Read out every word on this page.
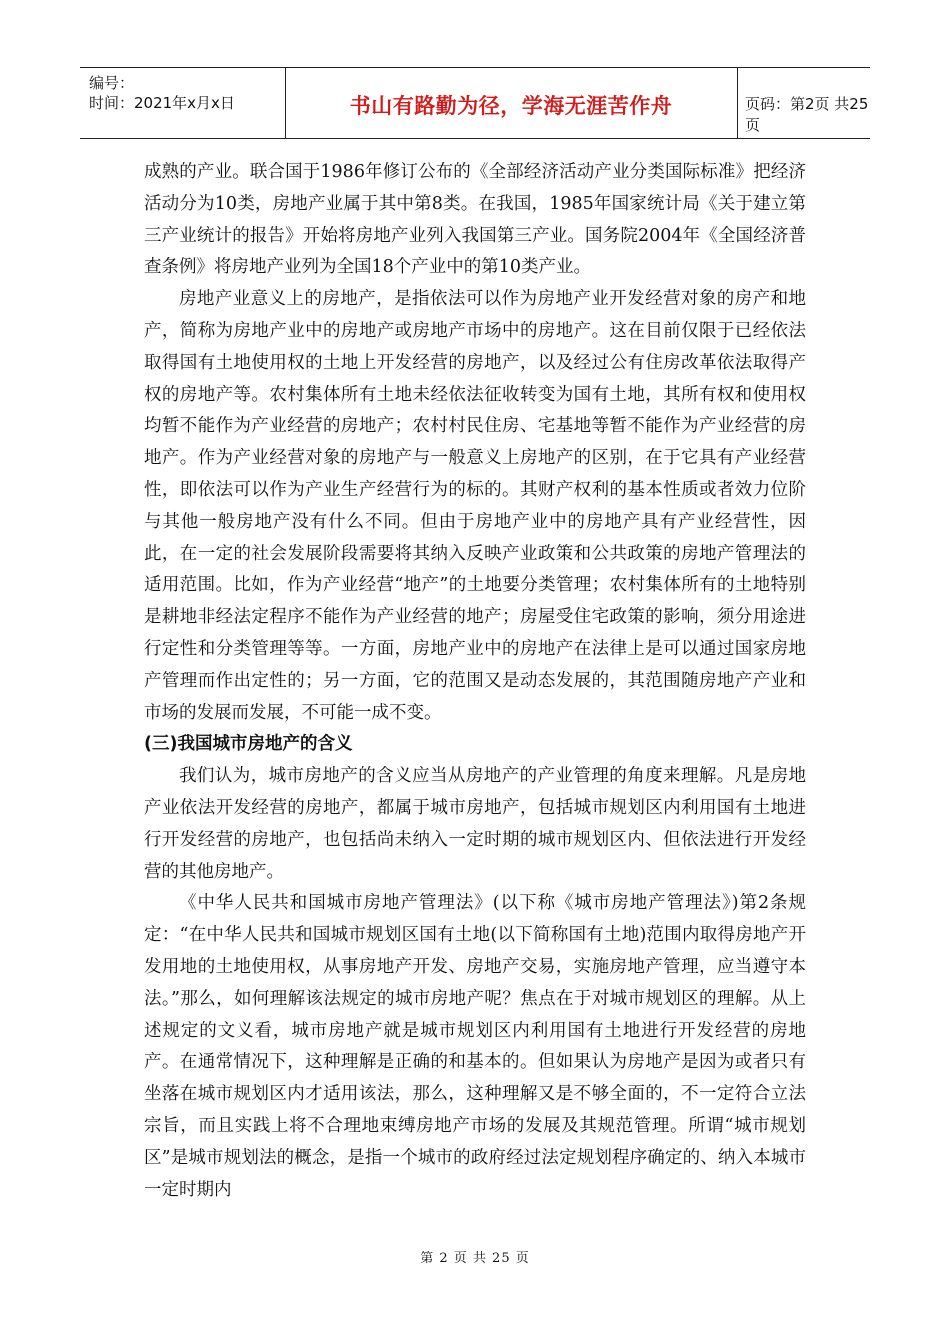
编号：
时间：2021年x月x日	书山有路勤为径，学海无涯苦作舟	页码：第2页 共25页

成熟的产业。联合国于1986年修订公布的《全部经济活动产业分类国际标准》把经济活动分为10类，房地产业属于其中第8类。在我国，1985年国家统计局《关于建立第三产业统计的报告》开始将房地产业列入我国第三产业。国务院2004年《全国经济普查条例》将房地产业列为全国18个产业中的第10类产业。

房地产业意义上的房地产，是指依法可以作为房地产业开发经营对象的房产和地产，简称为房地产业中的房地产或房地产市场中的房地产。这在目前仅限于已经依法取得国有土地使用权的土地上开发经营的房地产，以及经过公有住房改革依法取得产权的房地产等。农村集体所有土地未经依法征收转变为国有土地，其所有权和使用权均暂不能作为产业经营的房地产；农村村民住房、宅基地等暂不能作为产业经营的房地产。作为产业经营对象的房地产与一般意义上房地产的区别，在于它具有产业经营性，即依法可以作为产业生产经营行为的标的。其财产权利的基本性质或者效力位阶与其他一般房地产没有什么不同。但由于房地产业中的房地产具有产业经营性，因此，在一定的社会发展阶段需要将其纳入反映产业政策和公共政策的房地产管理法的适用范围。比如，作为产业经营“地产”的土地要分类管理；农村集体所有的土地特别是耕地非经法定程序不能作为产业经营的地产；房屋受住宅政策的影响，须分用途进行定性和分类管理等等。一方面，房地产业中的房地产在法律上是可以通过国家房地产管理而作出定性的；另一方面，它的范围又是动态发展的，其范围随房地产产业和市场的发展而发展，不可能一成不变。

(三)我国城市房地产的含义

我们认为，城市房地产的含义应当从房地产的产业管理的角度来理解。凡是房地产业依法开发经营的房地产，都属于城市房地产，包括城市规划区内利用国有土地进行开发经营的房地产，也包括尚未纳入一定时期的城市规划区内、但依法进行开发经营的其他房地产。

《中华人民共和国城市房地产管理法》(以下称《城市房地产管理法》)第2条规定：“在中华人民共和国城市规划区国有土地(以下简称国有土地)范围内取得房地产开发用地的土地使用权，从事房地产开发、房地产交易，实施房地产管理，应当遵守本法。”那么，如何理解该法规定的城市房地产呢？焦点在于对城市规划区的理解。从上述规定的文义看，城市房地产就是城市规划区内利用国有土地进行开发经营的房地产。在通常情况下，这种理解是正确的和基本的。但如果认为房地产是因为或者只有坐落在城市规划区内才适用该法，那么，这种理解又是不够全面的，不一定符合立法宗旨，而且实践上将不合理地束缚房地产市场的发展及其规范管理。所谓“城市规划区”是城市规划法的概念，是指一个城市的政府经过法定规划程序确定的、纳入本城市一定时期内

第 2 页 共 25 页
